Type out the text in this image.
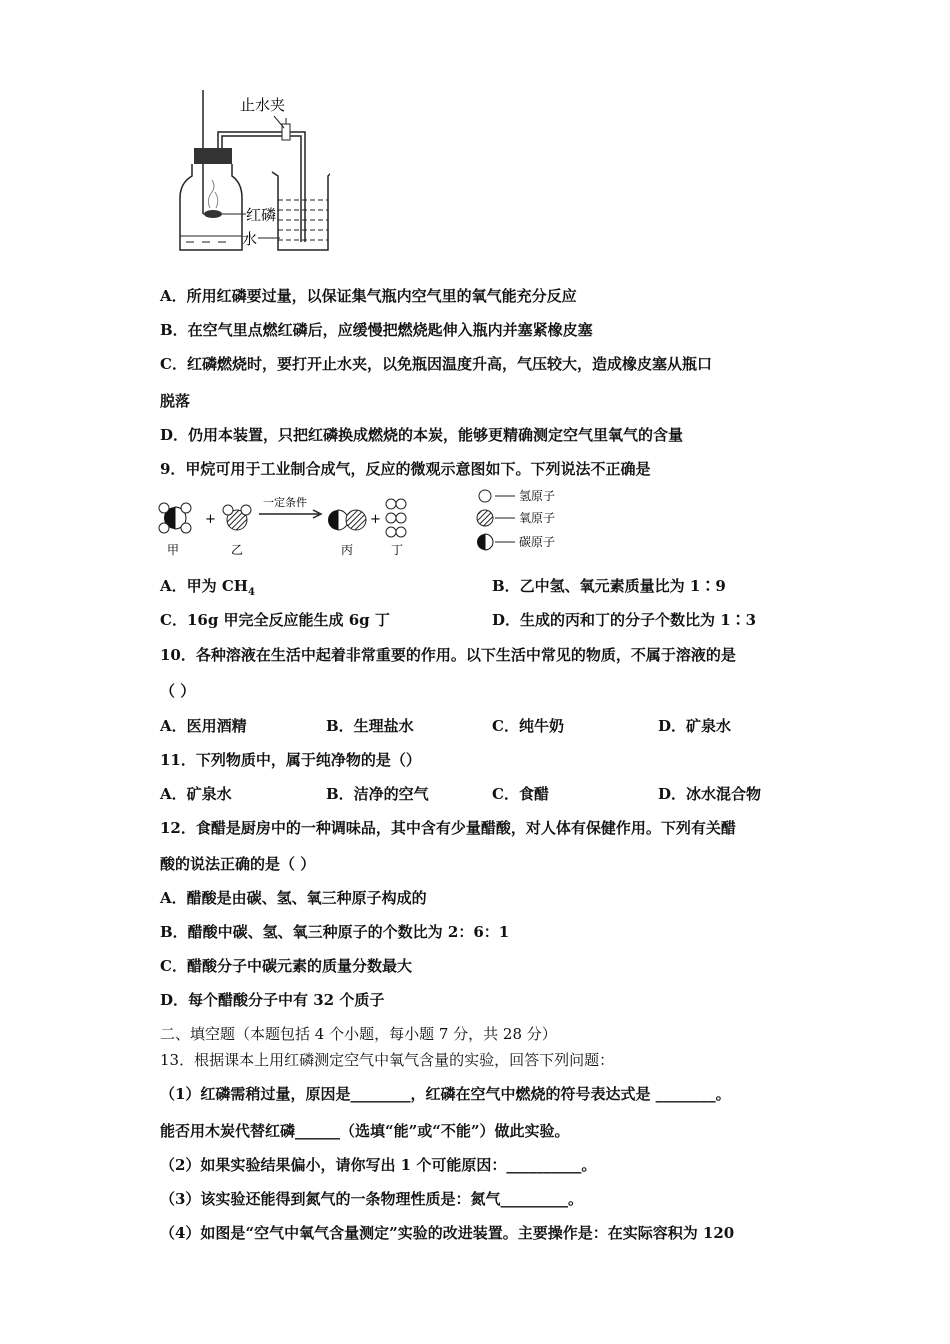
止水夹
红磷
水
A．所用红磷要过量，以保证集气瓶内空气里的氧气能充分反应
B．在空气里点燃红磷后，应缓慢把燃烧匙伸入瓶内并塞紧橡皮塞
C．红磷燃烧时，要打开止水夹，以免瓶因温度升高，气压较大，造成橡皮塞从瓶口
脱落
D．仍用本装置，只把红磷换成燃烧的本炭，能够更精确测定空气里氧气的含量
9．甲烷可用于工业制合成气，反应的微观示意图如下。下列说法不正确是
+
一定条件
+
甲	乙	丙	丁
氢原子
氧原子
碳原子
A．甲为 $CH_4$	B．乙中氢、氧元素质量比为 1∶9
C．16g 甲完全反应能生成 6g 丁	D．生成的丙和丁的分子个数比为 1∶3
10．各种溶液在生活中起着非常重要的作用。以下生活中常见的物质，不属于溶液的是
（ ）
A．医用酒精	B．生理盐水	C．纯牛奶	D．矿泉水
11．下列物质中，属于纯净物的是（）
A．矿泉水	B．洁净的空气	C．食醋	D．冰水混合物
12．食醋是厨房中的一种调味品，其中含有少量醋酸，对人体有保健作用。下列有关醋
酸的说法正确的是（ ）
A．醋酸是由碳、氢、氧三种原子构成的
B．醋酸中碳、氢、氧三种原子的个数比为 2：6：1
C．醋酸分子中碳元素的质量分数最大
D．每个醋酸分子中有 32 个质子
二、填空题（本题包括 4 个小题，每小题 7 分，共 28 分）
13．根据课本上用红磷测定空气中氧气含量的实验，回答下列问题：
（1）红磷需稍过量，原因是________，红磷在空气中燃烧的符号表达式是 ________。
能否用木炭代替红磷______（选填“能”或“不能”）做此实验。
（2）如果实验结果偏小，请你写出 1 个可能原因：__________。
（3）该实验还能得到氮气的一条物理性质是：氮气_________。
（4）如图是“空气中氧气含量测定”实验的改进装置。主要操作是：在实际容积为 120
